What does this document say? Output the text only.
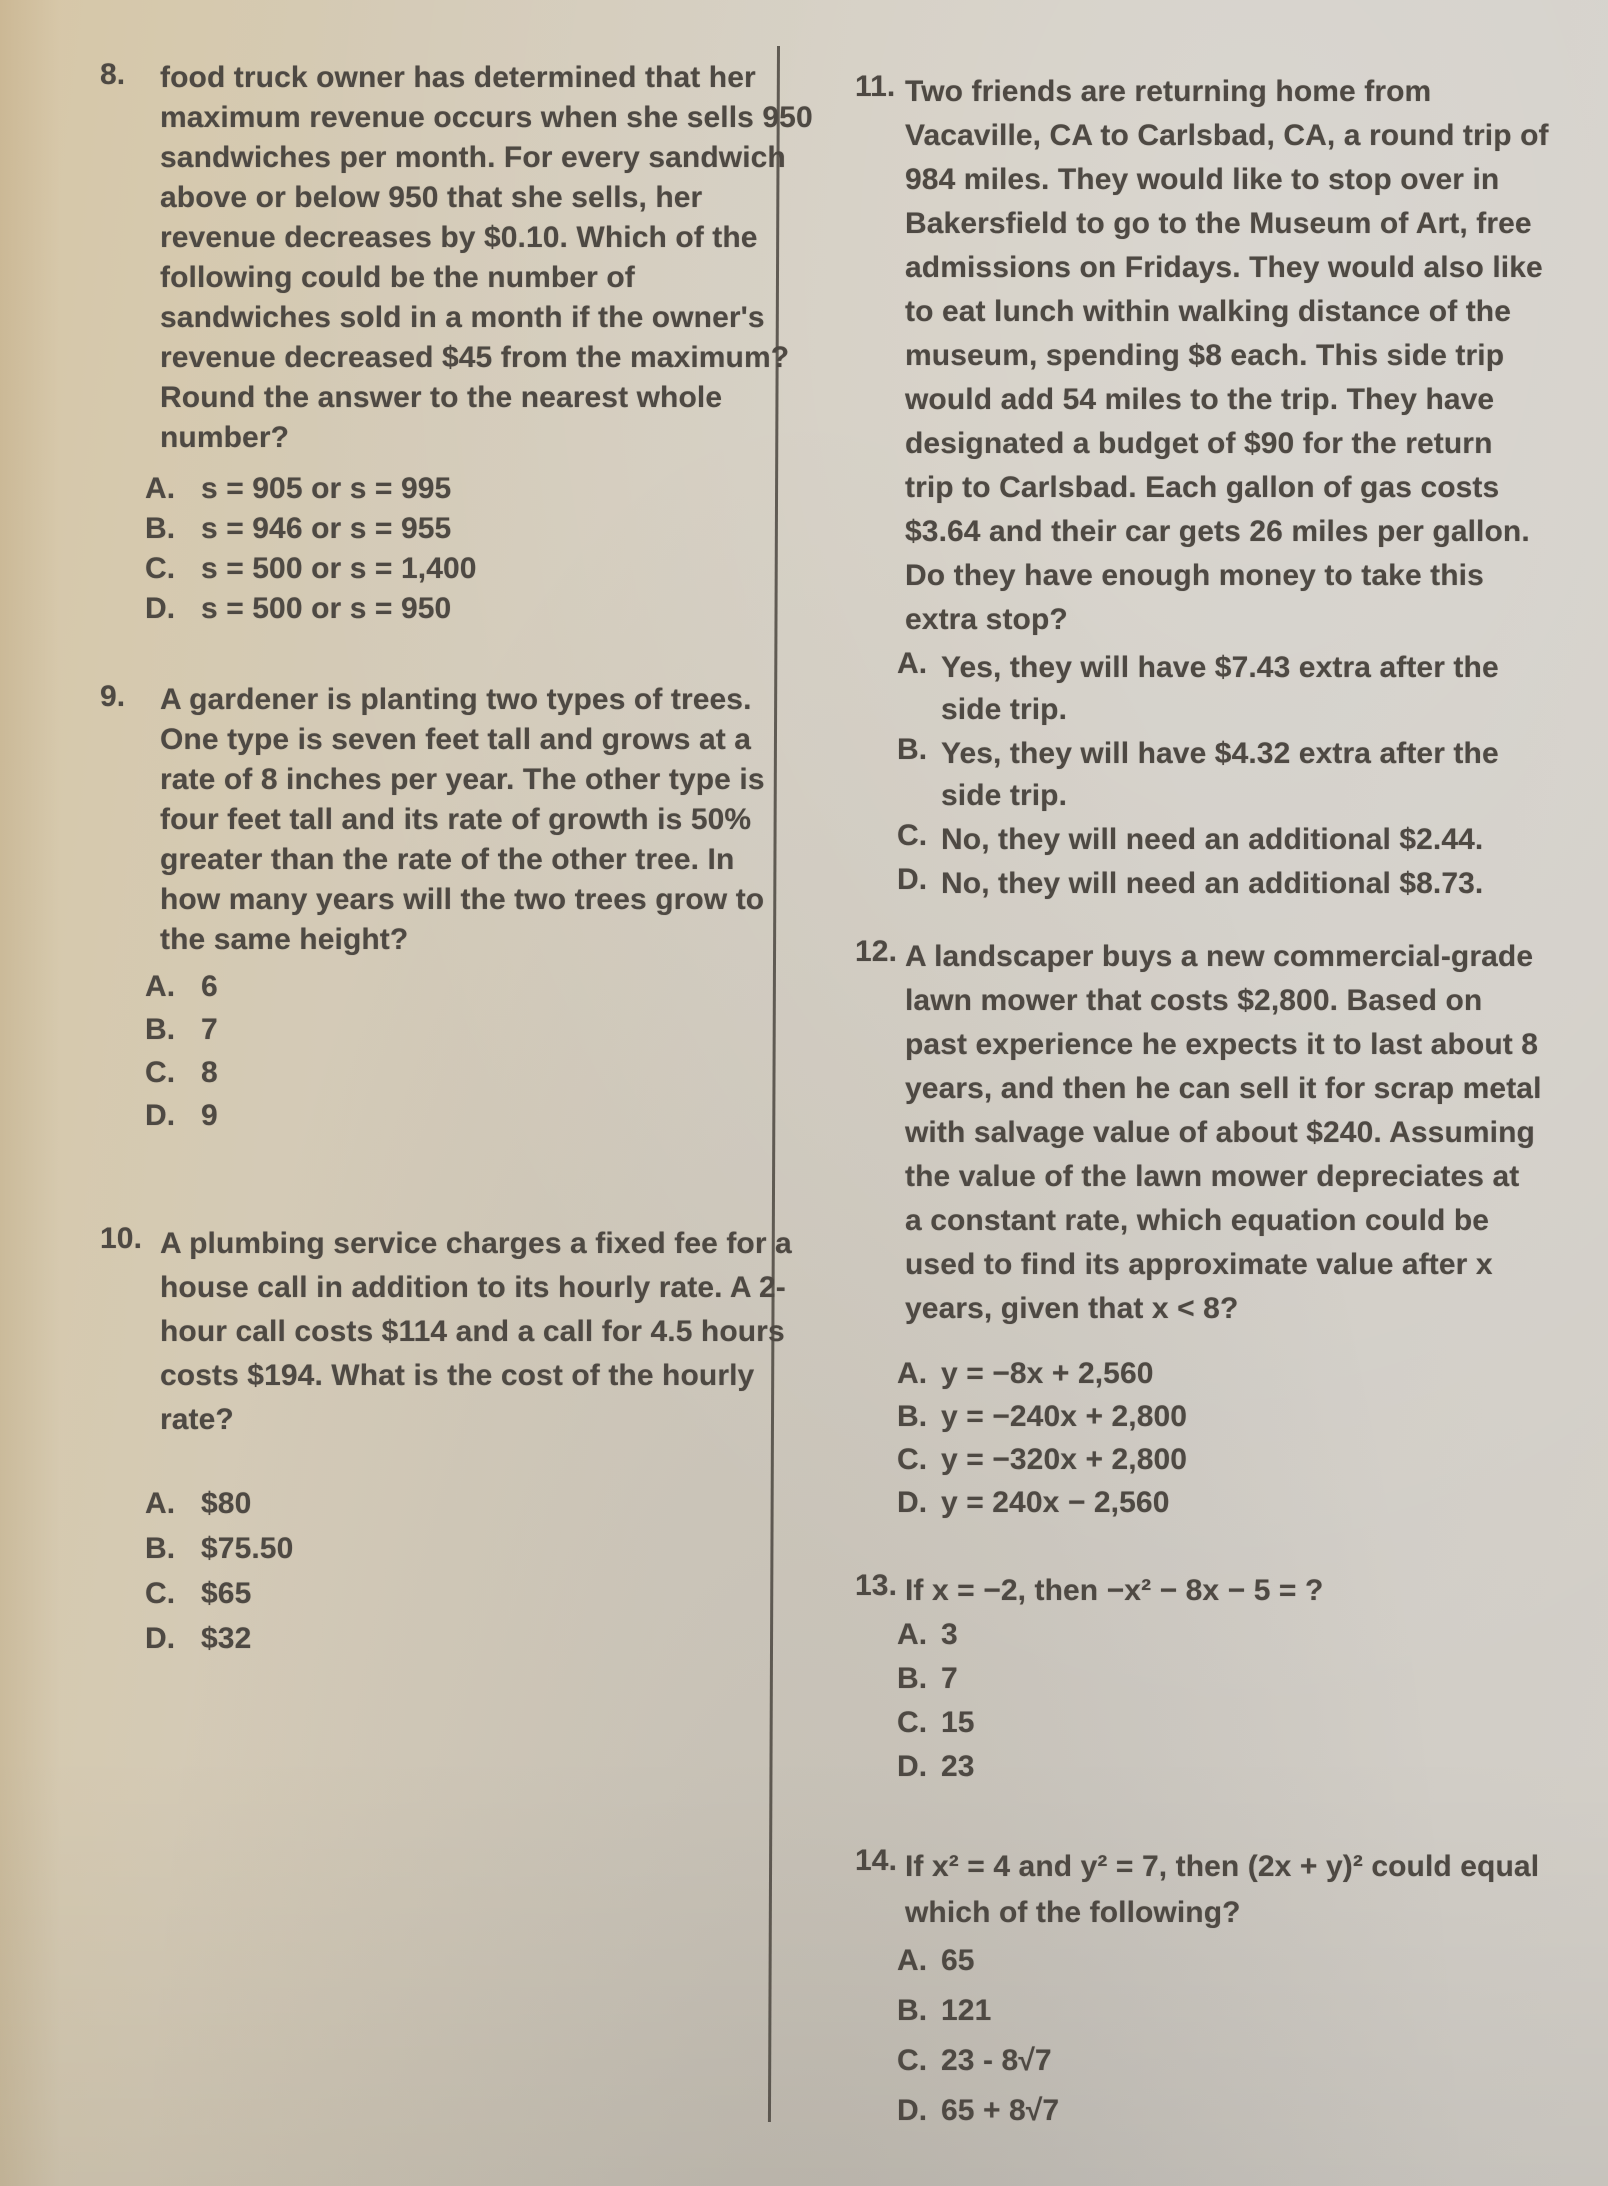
8.	food truck owner has determined that her
maximum revenue occurs when she sells 950
sandwiches per month. For every sandwich
above or below 950 that she sells, her
revenue decreases by $0.10. Which of the
following could be the number of
sandwiches sold in a month if the owner's
revenue decreased $45 from the maximum?
Round the answer to the nearest whole
number?
A. s = 905 or s = 995
B. s = 946 or s = 955
C. s = 500 or s = 1,400
D. s = 500 or s = 950
9.	A gardener is planting two types of trees.
One type is seven feet tall and grows at a
rate of 8 inches per year. The other type is
four feet tall and its rate of growth is 50%
greater than the rate of the other tree. In
how many years will the two trees grow to
the same height?
A. 6
B. 7
C. 8
D. 9
10. A plumbing service charges a fixed fee for a
house call in addition to its hourly rate. A 2-
hour call costs $114 and a call for 4.5 hours
costs $194. What is the cost of the hourly
rate?
A. $80
B. $75.50
C. $65
D. $32
11. Two friends are returning home from
Vacaville, CA to Carlsbad, CA, a round trip of
984 miles. They would like to stop over in
Bakersfield to go to the Museum of Art, free
admissions on Fridays. They would also like
to eat lunch within walking distance of the
museum, spending $8 each. This side trip
would add 54 miles to the trip. They have
designated a budget of $90 for the return
trip to Carlsbad. Each gallon of gas costs
$3.64 and their car gets 26 miles per gallon.
Do they have enough money to take this
extra stop?
A. Yes, they will have $7.43 extra after the
side trip.
B. Yes, they will have $4.32 extra after the
side trip.
C. No, they will need an additional $2.44.
D. No, they will need an additional $8.73.
12. A landscaper buys a new commercial-grade
lawn mower that costs $2,800. Based on
past experience he expects it to last about 8
years, and then he can sell it for scrap metal
with salvage value of about $240. Assuming
the value of the lawn mower depreciates at
a constant rate, which equation could be
used to find its approximate value after x
years, given that x < 8?
A. y = −8x + 2,560
B. y = −240x + 2,800
C. y = −320x + 2,800
D. y = 240x − 2,560
13. If x = −2, then −x² − 8x − 5 = ?
A. 3
B. 7
C. 15
D. 23
14. If x² = 4 and y² = 7, then (2x + y)² could equal
which of the following?
A. 65
B. 121
C. 23 - 8√7
D. 65 + 8√7
